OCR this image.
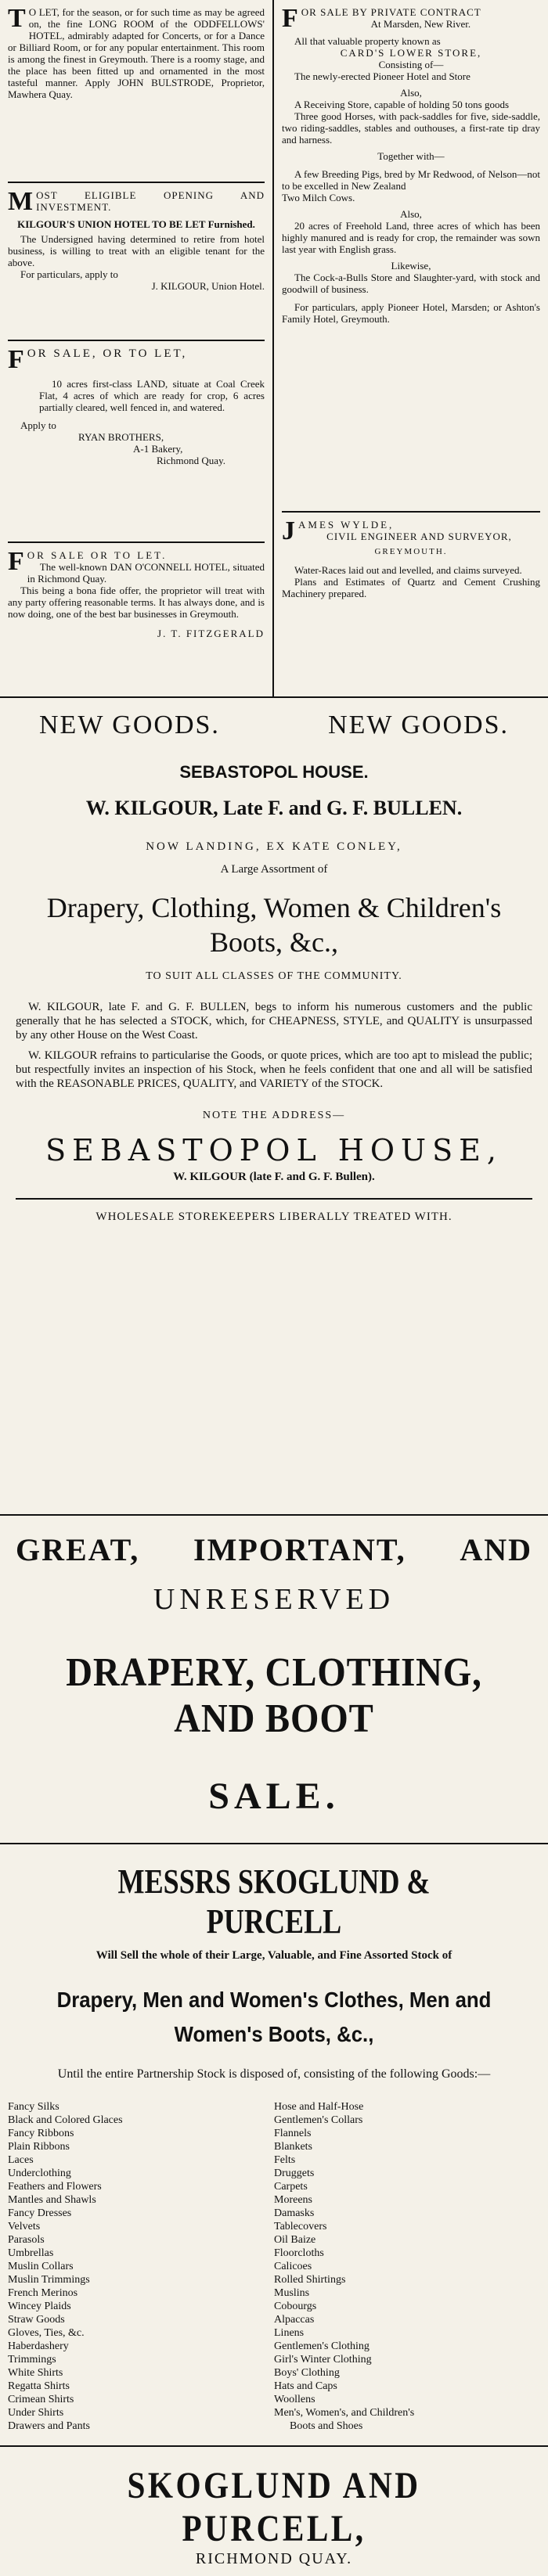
T O LET, for the season, or for such time as may be agreed on, the fine LONG ROOM of the ODDFELLOWS' HOTEL, admirably adapted for Concerts, or for a Dance or Billiard Room, or for any popular entertainment. This room is among the finest in Greymouth. There is a roomy stage, and the place has been fitted up and ornamented in the most tasteful manner. Apply JOHN BULSTRODE, Proprietor, Mawhera Quay.

MOST ELIGIBLE OPENING AND INVESTMENT.

KILGOUR'S UNION HOTEL TO BE LET Furnished.

The Undersigned having determined to retire from hotel business, is willing to treat with an eligible tenant for the above.

For particulars, apply to

J. KILGOUR, Union Hotel.

FOR SALE, OR TO LET,

10 acres first-class LAND, situate at Coal Creek Flat, 4 acres of which are ready for crop, 6 acres partially cleared, well fenced in, and watered.

Apply to

RYAN BROTHERS,

A-1 Bakery,

Richmond Quay.

FOR SALE OR TO LET.

The well-known DAN O'CONNELL HOTEL, situated in Richmond Quay.

This being a bona fide offer, the proprietor will treat with any party offering reasonable terms. It has always done, and is now doing, one of the best bar businesses in Greymouth.

J. T. FITZGERALD

FOR SALE BY PRIVATE CONTRACT

At Marsden, New River.

All that valuable property known as

CARD'S LOWER STORE,

Consisting of—

The newly-erected Pioneer Hotel and Store

Also,

A Receiving Store, capable of holding 50 tons goods

Three good Horses, with pack-saddles for five, side-saddle, two riding-saddles, stables and outhouses, a first-rate tip dray and harness.

Together with—

A few Breeding Pigs, bred by Mr Redwood, of Nelson—not to be excelled in New Zealand

Two Milch Cows.

Also,

20 acres of Freehold Land, three acres of which has been highly manured and is ready for crop, the remainder was sown last year with English grass.

Likewise,

The Cock-a-Bulls Store and Slaughter-yard, with stock and goodwill of business.

For particulars, apply Pioneer Hotel, Marsden; or Ashton's Family Hotel, Greymouth.

JAMES WYLDE,

CIVIL ENGINEER AND SURVEYOR,

GREYMOUTH.

Water-Races laid out and levelled, and claims surveyed.

Plans and Estimates of Quartz and Cement Crushing Machinery prepared.

NEW GOODS.	NEW GOODS.
SEBASTOPOL HOUSE.
W. KILGOUR, Late F. and G. F. BULLEN.
NOW LANDING, EX KATE CONLEY,
A Large Assortment of
Drapery, Clothing, Women & Children's Boots, &c.,
TO SUIT ALL CLASSES OF THE COMMUNITY.

W. KILGOUR, late F. and G. F. BULLEN, begs to inform his numerous customers and the public generally that he has selected a STOCK, which, for CHEAPNESS, STYLE, and QUALITY is unsurpassed by any other House on the West Coast.

W. KILGOUR refrains to particularise the Goods, or quote prices, which are too apt to mislead the public; but respectfully invites an inspection of his Stock, when he feels confident that one and all will be satisfied with the REASONABLE PRICES, QUALITY, and VARIETY of the STOCK.

NOTE THE ADDRESS—
SEBASTOPOL HOUSE,
W. KILGOUR (late F. and G. F. Bullen).
WHOLESALE STOREKEEPERS LIBERALLY TREATED WITH.
GREAT, IMPORTANT, AND
UNRESERVED
DRAPERY, CLOTHING, AND BOOT
SALE.
MESSRS SKOGLUND & PURCELL
Will Sell the whole of their Large, Valuable, and Fine Assorted Stock of
Drapery, Men and Women's Clothes, Men and Women's Boots, &c.,
Until the entire Partnership Stock is disposed of, consisting of the following Goods:—
Fancy Silks
Black and Colored Glaces
Fancy Ribbons
Plain Ribbons
Laces
Underclothing
Feathers and Flowers
Mantles and Shawls
Fancy Dresses
Velvets
Parasols
Umbrellas
Muslin Collars
Muslin Trimmings
French Merinos
Wincey Plaids
Straw Goods
Gloves, Ties, &c.
Haberdashery
Trimmings
White Shirts
Regatta Shirts
Crimean Shirts
Under Shirts
Drawers and Pants
Hose and Half-Hose
Gentlemen's Collars
Flannels
Blankets
Felts
Druggets
Carpets
Moreens
Damasks
Tablecovers
Oil Baize
Floorcloths
Calicoes
Rolled Shirtings
Muslins
Cobourgs
Alpaccas
Linens
Gentlemen's Clothing
Girl's Winter Clothing
Boys' Clothing
Hats and Caps
Woollens
Men's, Women's, and Children's
Boots and Shoes
SKOGLUND AND PURCELL,
RICHMOND QUAY.
